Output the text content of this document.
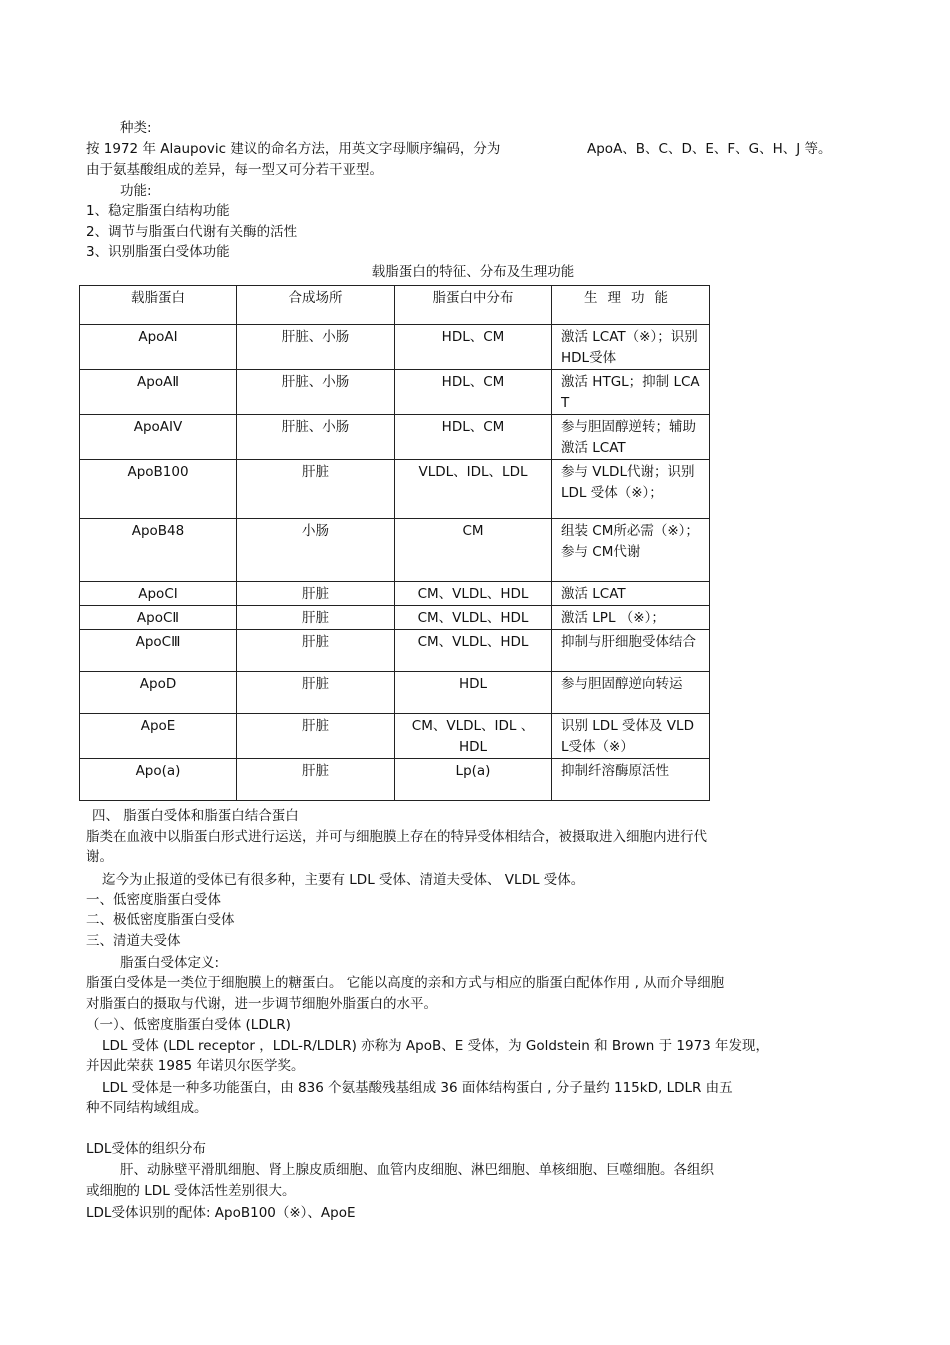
种类:
按 1972 年 Alaupovic 建议的命名方法，用英文字母顺序编码，分为	ApoA、B、C、D、E、F、G、H、J 等。
由于氨基酸组成的差异，每一型又可分若干亚型。
功能:
1、稳定脂蛋白结构功能
2、调节与脂蛋白代谢有关酶的活性
3、识别脂蛋白受体功能
载脂蛋白的特征、分布及生理功能
载脂蛋白	合成场所	脂蛋白中分布	生理功能
ApoAI	肝脏、小肠	HDL、CM	激活 LCAT（※）；识别 HDL受体
ApoAⅡ	肝脏、小肠	HDL、CM	激活 HTGL；抑制 LCAT
ApoAIV	肝脏、小肠	HDL、CM	参与胆固醇逆转；辅助激活 LCAT
ApoB100	肝脏	VLDL、IDL、LDL	参与 VLDL代谢；识别 LDL 受体（※）；
ApoB48	小肠	CM	组装 CM所必需（※）；参与 CM代谢
ApoCI	肝脏	CM、VLDL、HDL	激活 LCAT
ApoCⅡ	肝脏	CM、VLDL、HDL	激活 LPL （※）；
ApoCⅢ	肝脏	CM、VLDL、HDL	抑制与肝细胞受体结合
ApoD	肝脏	HDL	参与胆固醇逆向转运
ApoE	肝脏	CM、VLDL、IDL 、HDL	识别 LDL 受体及 VLDL受体（※）
Apo(a)	肝脏	Lp(a)	抑制纤溶酶原活性
四、 脂蛋白受体和脂蛋白结合蛋白
脂类在血液中以脂蛋白形式进行运送，并可与细胞膜上存在的特异受体相结合，被摄取进入细胞内进行代
谢。
迄今为止报道的受体已有很多种，主要有 LDL 受体、清道夫受体、 VLDL 受体。
一、低密度脂蛋白受体
二、极低密度脂蛋白受体
三、清道夫受体
脂蛋白受体定义:
脂蛋白受体是一类位于细胞膜上的糖蛋白。 它能以高度的亲和方式与相应的脂蛋白配体作用 , 从而介导细胞
对脂蛋白的摄取与代谢，进一步调节细胞外脂蛋白的水平。
（一）、低密度脂蛋白受体 (LDLR)
LDL 受体 (LDL receptor ，LDL-R/LDLR) 亦称为 ApoB、E 受体，为 Goldstein 和 Brown 于 1973 年发现，
并因此荣获 1985 年诺贝尔医学奖。
LDL 受体是一种多功能蛋白，由 836 个氨基酸残基组成 36 面体结构蛋白 , 分子量约 115kD, LDLR 由五
种不同结构域组成。
LDL受体的组织分布
肝、动脉壁平滑肌细胞、肾上腺皮质细胞、血管内皮细胞、淋巴细胞、单核细胞、巨噬细胞。各组织
或细胞的 LDL 受体活性差别很大。
LDL受体识别的配体: ApoB100（※）、ApoE
